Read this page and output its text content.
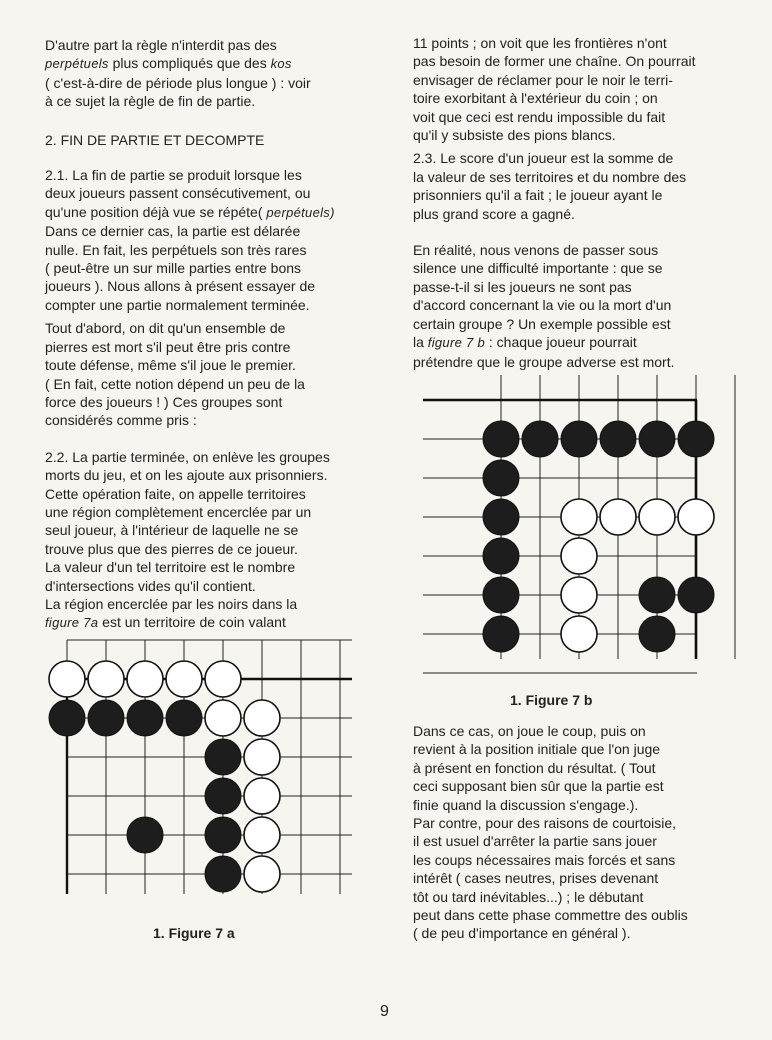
D'autre part la règle n'interdit pas des
perpétuels plus compliqués que des kos
( c'est-à-dire de période plus longue ) : voir
à ce sujet la règle de fin de partie.

2. FIN DE PARTIE ET DECOMPTE

2.1. La fin de partie se produit lorsque les
deux joueurs passent consécutivement, ou
qu'une position déjà vue se répéte( perpétuels)
Dans ce dernier cas, la partie est délarée
nulle. En fait, les perpétuels son très rares
( peut-être un sur mille parties entre bons
joueurs ). Nous allons à présent essayer de
compter une partie normalement terminée.

Tout d'abord, on dit qu'un ensemble de
pierres est mort s'il peut être pris contre
toute défense, même s'il joue le premier.
( En fait, cette notion dépend un peu de la
force des joueurs ! ) Ces groupes sont
considérés comme pris :

2.2. La partie terminée, on enlève les groupes
morts du jeu, et on les ajoute aux prisonniers.
Cette opération faite, on appelle territoires
une région complètement encerclée par un
seul joueur, à l'intérieur de laquelle ne se
trouve plus que des pierres de ce joueur.
La valeur d'un tel territoire est le nombre
d'intersections vides qu'il contient.
La région encerclée par les noirs dans la
figure 7a est un territoire de coin valant

11 points ; on voit que les frontières n'ont
pas besoin de former une chaîne. On pourrait
envisager de réclamer pour le noir le terri-
toire exorbitant à l'extérieur du coin ; on
voit que ceci est rendu impossible du fait
qu'il y subsiste des pions blancs.

2.3. Le score d'un joueur est la somme de
la valeur de ses territoires et du nombre des
prisonniers qu'il a fait ; le joueur ayant le
plus grand score a gagné.

En réalité, nous venons de passer sous
silence une difficulté importante : que se
passe-t-il si les joueurs ne sont pas
d'accord concernant la vie ou la mort d'un
certain groupe ? Un exemple possible est
la figure 7 b : chaque joueur pourrait
prétendre que le groupe adverse est mort.

Dans ce cas, on joue le coup, puis on
revient à la position initiale que l'on juge
à présent en fonction du résultat. ( Tout
ceci supposant bien sûr que la partie est
finie quand la discussion s'engage.).
Par contre, pour des raisons de courtoisie,
il est usuel d'arrêter la partie sans jouer
les coups nécessaires mais forcés et sans
intérêt ( cases neutres, prises devenant
tôt ou tard inévitables...) ; le débutant
peut dans cette phase commettre des oublis
( de peu d'importance en général ).

1. Figure 7 a
1. Figure 7 b
9
